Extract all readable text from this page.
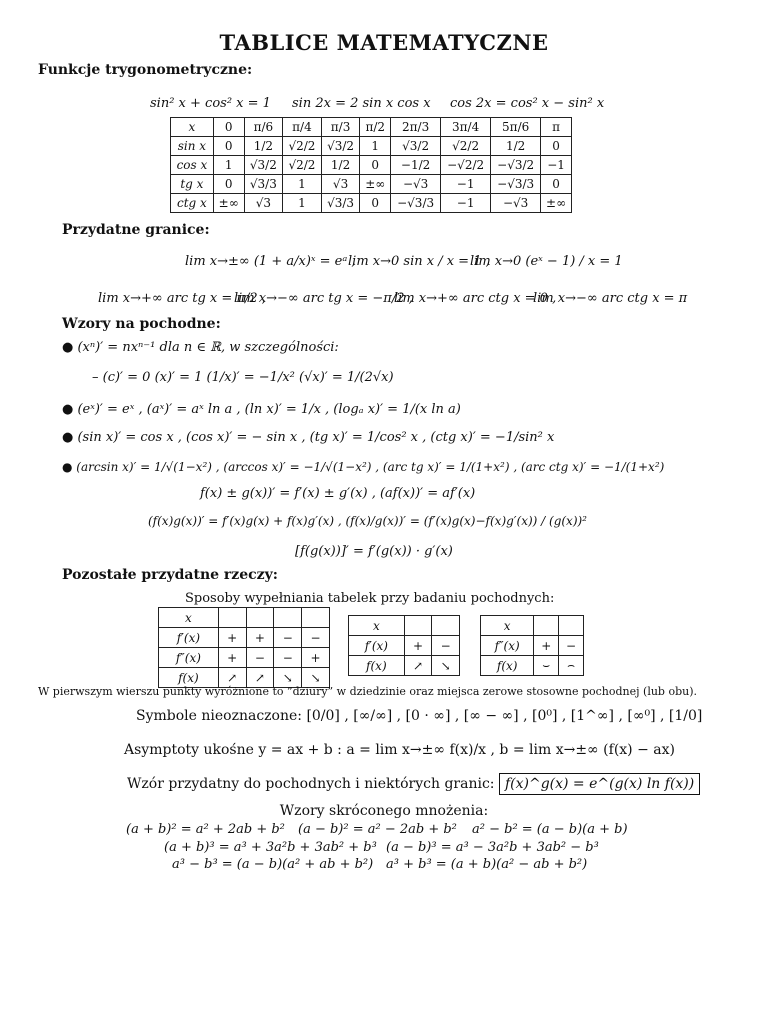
TABLICE MATEMATYCZNE
Funkcje trygonometryczne:
sin² x + cos² x = 1 sin 2x = 2 sin x cos x cos 2x = cos² x − sin² x
x	0	π/6	π/4	π/3	π/2	2π/3	3π/4	5π/6	π
sin x	0	1/2	√2/2	√3/2	1	√3/2	√2/2	1/2	0
cos x	1	√3/2	√2/2	1/2	0	−1/2	−√2/2	−√3/2	−1
tg x	0	√3/3	1	√3	±∞	−√3	−1	−√3/3	0
ctg x	±∞	√3	1	√3/3	0	−√3/3	−1	−√3	±∞
Przydatne granice:
lim x→±∞ (1 + a/x)ˣ = eᵃ ,
lim x→0 sin x / x = 1 ,
lim x→0 (eˣ − 1) / x = 1
lim x→+∞ arc tg x = π/2 ,
lim x→−∞ arc tg x = −π/2 ,
lim x→+∞ arc ctg x = 0 ,
lim x→−∞ arc ctg x = π
Wzory na pochodne:
● (xⁿ)′ = nxⁿ⁻¹ dla n ∈ ℝ, w szczególności:
– (c)′ = 0 (x)′ = 1 (1/x)′ = −1/x² (√x)′ = 1/(2√x)
● (eˣ)′ = eˣ , (aˣ)′ = aˣ ln a , (ln x)′ = 1/x , (logₐ x)′ = 1/(x ln a)
● (sin x)′ = cos x , (cos x)′ = − sin x , (tg x)′ = 1/cos² x , (ctg x)′ = −1/sin² x
● (arcsin x)′ = 1/√(1−x²) , (arccos x)′ = −1/√(1−x²) , (arc tg x)′ = 1/(1+x²) , (arc ctg x)′ = −1/(1+x²)
f(x) ± g(x))′ = f′(x) ± g′(x) , (af(x))′ = af′(x)
(f(x)g(x))′ = f′(x)g(x) + f(x)g′(x) , (f(x)/g(x))′ = (f′(x)g(x)−f(x)g′(x)) / (g(x))²
[f(g(x))]′ = f′(g(x)) · g′(x)
Pozostałe przydatne rzeczy:
Sposoby wypełniania tabelek przy badaniu pochodnych:
x				
f′(x)	+	+	−	−
f″(x)	+	−	−	+
f(x)	↗	↗	↘	↘
x		
f′(x)	+	−
f(x)	↗	↘
x		
f″(x)	+	−
f(x)	⌣	⌢
W pierwszym wierszu punkty wyróżnione to ”dziury” w dziedzinie oraz miejsca zerowe stosowne pochodnej (lub obu).
Symbole nieoznaczone: [0/0] , [∞/∞] , [0 · ∞] , [∞ − ∞] , [0⁰] , [1^∞] , [∞⁰] , [1/0]
Asymptoty ukośne y = ax + b : a = lim x→±∞ f(x)/x , b = lim x→±∞ (f(x) − ax)
Wzór przydatny do pochodnych i niektórych granic: f(x)^g(x) = e^(g(x) ln f(x))
Wzory skróconego mnożenia:
(a + b)² = a² + 2ab + b² (a − b)² = a² − 2ab + b² a² − b² = (a − b)(a + b)
(a + b)³ = a³ + 3a²b + 3ab² + b³ (a − b)³ = a³ − 3a²b + 3ab² − b³
a³ − b³ = (a − b)(a² + ab + b²) a³ + b³ = (a + b)(a² − ab + b²)
